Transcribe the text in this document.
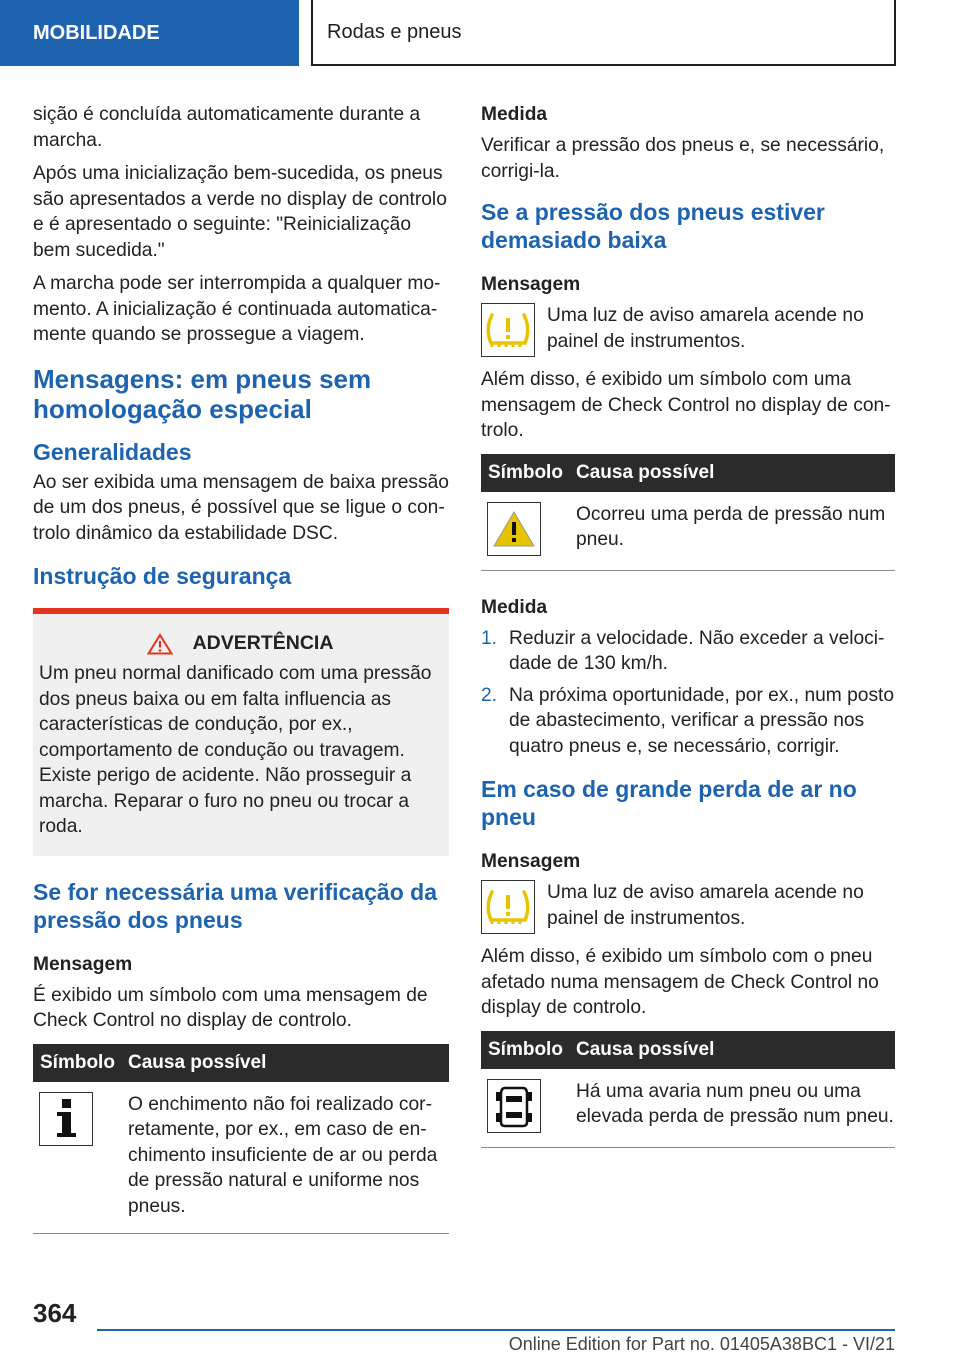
MOBILIDADE	Rodas e pneus

sição é concluída automaticamente durante a marcha.

Após uma inicialização bem-sucedida, os pneus são apresentados a verde no display de controlo e é apresentado o seguinte: "Reinicialização bem sucedida."

A marcha pode ser interrompida a qualquer momento. A inicialização é continuada automaticamente quando se prossegue a viagem.

Mensagens: em pneus sem homologação especial
Generalidades

Ao ser exibida uma mensagem de baixa pressão de um dos pneus, é possível que se ligue o controlo dinâmico da estabilidade DSC.

Instrução de segurança
ADVERTÊNCIA

Um pneu normal danificado com uma pressão dos pneus baixa ou em falta influencia as características de condução, por ex., comportamento de condução ou travagem. Existe perigo de acidente. Não prosseguir a marcha. Reparar o furo no pneu ou trocar a roda.

Se for necessária uma verificação da pressão dos pneus
Mensagem

É exibido um símbolo com uma mensagem de Check Control no display de controlo.

Símbolo	Causa possível

	O enchimento não foi realizado corretamente, por ex., em caso de enchimento insuficiente de ar ou perda de pressão natural e uniforme nos pneus.
Medida

Verificar a pressão dos pneus e, se necessário, corrigi-la.

Se a pressão dos pneus estiver demasiado baixa
Mensagem

Uma luz de aviso amarela acende no painel de instrumentos.

Além disso, é exibido um símbolo com uma mensagem de Check Control no display de controlo.

Símbolo	Causa possível

	Ocorreu uma perda de pressão num pneu.
Medida
1. Reduzir a velocidade. Não exceder a velocidade de 130 km/h.
2. Na próxima oportunidade, por ex., num posto de abastecimento, verificar a pressão nos quatro pneus e, se necessário, corrigir.
Em caso de grande perda de ar no pneu
Mensagem

Uma luz de aviso amarela acende no painel de instrumentos.

Além disso, é exibido um símbolo com o pneu afetado numa mensagem de Check Control no display de controlo.

Símbolo	Causa possível

	Há uma avaria num pneu ou uma elevada perda de pressão num pneu.
364
Online Edition for Part no. 01405A38BC1 - VI/21
